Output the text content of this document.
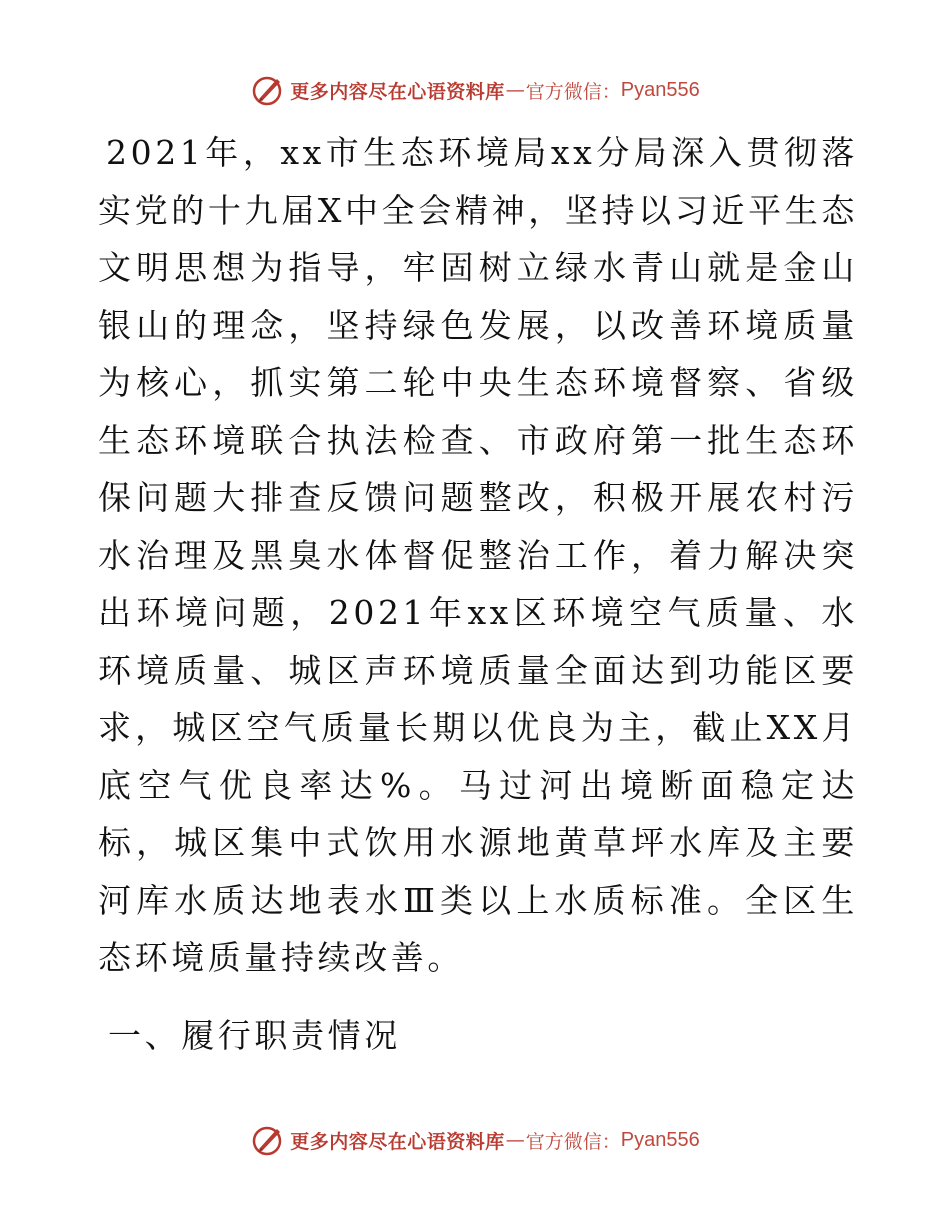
更多内容尽在心语资料库 — 官方微信： Pyan556

2021年，xx市生态环境局xx分局深入贯彻落实党的十九届X中全会精神，坚持以习近平生态文明思想为指导，牢固树立绿水青山就是金山银山的理念，坚持绿色发展，以改善环境质量为核心，抓实第二轮中央生态环境督察、省级生态环境联合执法检查、市政府第一批生态环保问题大排查反馈问题整改，积极开展农村污水治理及黑臭水体督促整治工作，着力解决突出环境问题，2021年xx区环境空气质量、水环境质量、城区声环境质量全面达到功能区要求，城区空气质量长期以优良为主，截止XX月底空气优良率达%。马过河出境断面稳定达标，城区集中式饮用水源地黄草坪水库及主要河库水质达地表水Ⅲ类以上水质标准。全区生态环境质量持续改善。

一、履行职责情况

更多内容尽在心语资料库 — 官方微信： Pyan556
